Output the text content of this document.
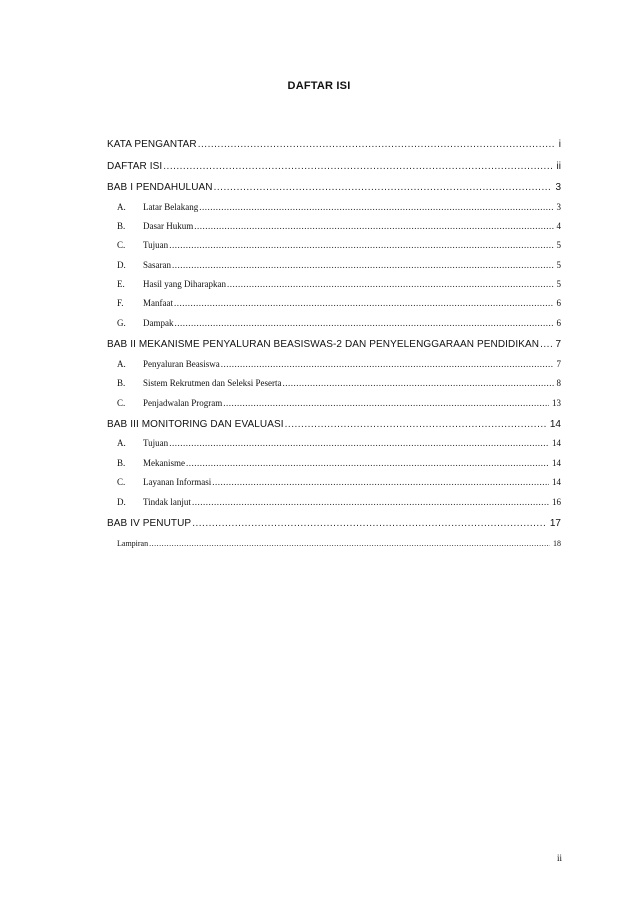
DAFTAR ISI
KATA PENGANTAR .....	i
DAFTAR ISI .....	ii
BAB I PENDAHULUAN .....	3
A.	Latar Belakang .....	3
B.	Dasar Hukum .....	4
C.	Tujuan .....	5
D.	Sasaran .....	5
E.	Hasil yang Diharapkan .....	5
F.	Manfaat .....	6
G.	Dampak .....	6
BAB II MEKANISME PENYALURAN BEASISWAS-2 DAN PENYELENGGARAAN PENDIDIKAN ..... 7
A.	Penyaluran Beasiswa .....	7
B.	Sistem Rekrutmen dan Seleksi Peserta .....	8
C.	Penjadwalan Program .....	13
BAB III MONITORING DAN EVALUASI .....	14
A.	Tujuan .....	14
B.	Mekanisme .....	14
C.	Layanan Informasi .....	14
D.	Tindak lanjut .....	16
BAB IV PENUTUP .....	17
Lampiran .....	18
ii
